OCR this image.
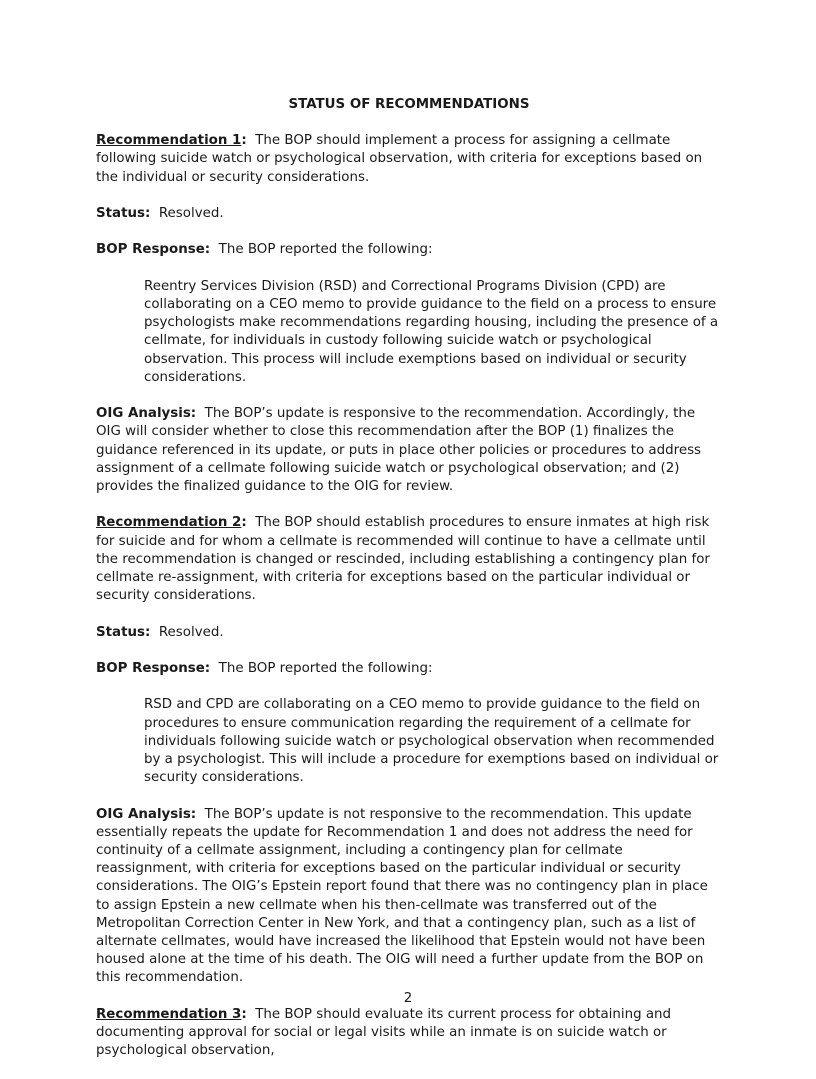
STATUS OF RECOMMENDATIONS

Recommendation 1: The BOP should implement a process for assigning a cellmate following suicide watch or psychological observation, with criteria for exceptions based on the individual or security considerations.

Status: Resolved.

BOP Response: The BOP reported the following:

Reentry Services Division (RSD) and Correctional Programs Division (CPD) are collaborating on a CEO memo to provide guidance to the field on a process to ensure psychologists make recommendations regarding housing, including the presence of a cellmate, for individuals in custody following suicide watch or psychological observation. This process will include exemptions based on individual or security considerations.

OIG Analysis: The BOP’s update is responsive to the recommendation. Accordingly, the OIG will consider whether to close this recommendation after the BOP (1) finalizes the guidance referenced in its update, or puts in place other policies or procedures to address assignment of a cellmate following suicide watch or psychological observation; and (2) provides the finalized guidance to the OIG for review.

Recommendation 2: The BOP should establish procedures to ensure inmates at high risk for suicide and for whom a cellmate is recommended will continue to have a cellmate until the recommendation is changed or rescinded, including establishing a contingency plan for cellmate re-assignment, with criteria for exceptions based on the particular individual or security considerations.

Status: Resolved.

BOP Response: The BOP reported the following:

RSD and CPD are collaborating on a CEO memo to provide guidance to the field on procedures to ensure communication regarding the requirement of a cellmate for individuals following suicide watch or psychological observation when recommended by a psychologist. This will include a procedure for exemptions based on individual or security considerations.

OIG Analysis: The BOP’s update is not responsive to the recommendation. This update essentially repeats the update for Recommendation 1 and does not address the need for continuity of a cellmate assignment, including a contingency plan for cellmate reassignment, with criteria for exceptions based on the particular individual or security considerations. The OIG’s Epstein report found that there was no contingency plan in place to assign Epstein a new cellmate when his then-cellmate was transferred out of the Metropolitan Correction Center in New York, and that a contingency plan, such as a list of alternate cellmates, would have increased the likelihood that Epstein would not have been housed alone at the time of his death. The OIG will need a further update from the BOP on this recommendation.

Recommendation 3: The BOP should evaluate its current process for obtaining and documenting approval for social or legal visits while an inmate is on suicide watch or psychological observation,

2
